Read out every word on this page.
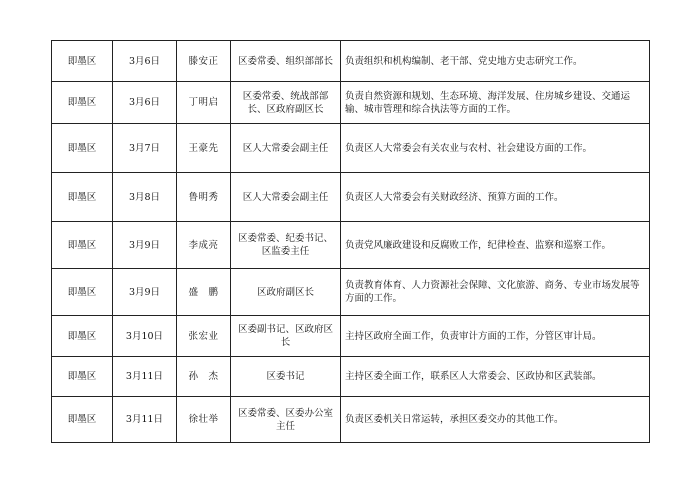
即墨区	3月6日	滕安正	区委常委、组织部部长	负责组织和机构编制、老干部、党史地方史志研究工作。
即墨区	3月6日	丁明启	区委常委、统战部部长、区政府副区长	负责自然资源和规划、生态环境、海洋发展、住房城乡建设、交通运输、城市管理和综合执法等方面的工作。
即墨区	3月7日	王豪先	区人大常委会副主任	负责区人大常委会有关农业与农村、社会建设方面的工作。
即墨区	3月8日	鲁明秀	区人大常委会副主任	负责区人大常委会有关财政经济、预算方面的工作。
即墨区	3月9日	李成亮	区委常委、纪委书记、区监委主任	负责党风廉政建设和反腐败工作，纪律检查、监察和巡察工作。
即墨区	3月9日	盛　鹏	区政府副区长	负责教育体育、人力资源社会保障、文化旅游、商务、专业市场发展等方面的工作。
即墨区	3月10日	张宏业	区委副书记、区政府区长	主持区政府全面工作，负责审计方面的工作，分管区审计局。
即墨区	3月11日	孙　杰	区委书记	主持区委全面工作，联系区人大常委会、区政协和区武装部。
即墨区	3月11日	徐壮举	区委常委、区委办公室主任	负责区委机关日常运转，承担区委交办的其他工作。
